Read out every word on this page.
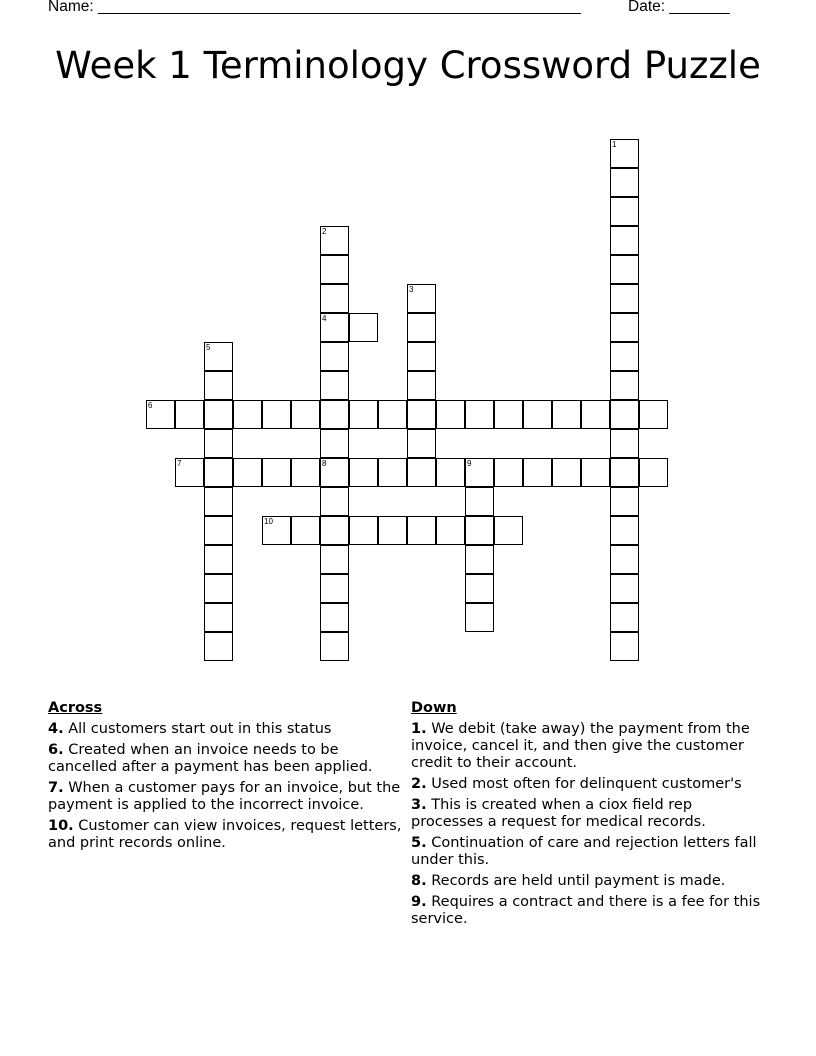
Name: ________________________________________________________	Date: _______
Week 1 Terminology Crossword Puzzle
1
2
4
8
3
5
6
7	9
10
Across
4. All customers start out in this status
6. Created when an invoice needs to be cancelled after a payment has been applied.
7. When a customer pays for an invoice, but the payment is applied to the incorrect invoice.
10. Customer can view invoices, request letters, and print records online.
Down
1. We debit (take away) the payment from the invoice, cancel it, and then give the customer credit to their account.
2. Used most often for delinquent customer's
3. This is created when a ciox field rep processes a request for medical records.
5. Continuation of care and rejection letters fall under this.
8. Records are held until payment is made.
9. Requires a contract and there is a fee for this service.
